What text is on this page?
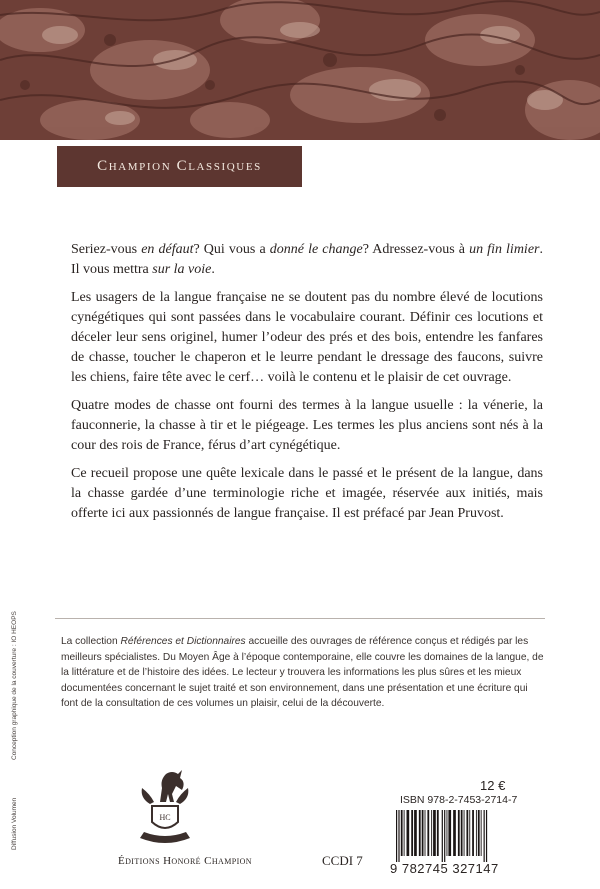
Champion Classiques

Seriez-vous en défaut? Qui vous a donné le change? Adressez-vous à un fin limier. Il vous mettra sur la voie.

Les usagers de la langue française ne se doutent pas du nombre élevé de locutions cynégétiques qui sont passées dans le vocabulaire courant. Définir ces locutions et déceler leur sens originel, humer l’odeur des prés et des bois, entendre les fanfares de chasse, toucher le chaperon et le leurre pendant le dressage des faucons, suivre les chiens, faire tête avec le cerf… voilà le contenu et le plaisir de cet ouvrage.

Quatre modes de chasse ont fourni des termes à la langue usuelle : la vénerie, la fauconnerie, la chasse à tir et le piégeage. Les termes les plus anciens sont nés à la cour des rois de France, férus d’art cynégétique.

Ce recueil propose une quête lexicale dans le passé et le présent de la langue, dans la chasse gardée d’une terminologie riche et imagée, réservée aux initiés, mais offerte ici aux passionnés de langue française. Il est préfacé par Jean Pruvost.

La collection Références et Dictionnaires accueille des ouvrages de référence conçus et rédigés par les meilleurs spécialistes. Du Moyen Âge à l’époque contemporaine, elle couvre les domaines de la langue, de la littérature et de l’histoire des idées. Le lecteur y trouvera les informations les plus sûres et les mieux documentées concernant le sujet traité et son environnement, dans une présentation et une écriture qui font de la consultation de ces volumes un plaisir, celui de la découverte.
Diffusion Volumen
Conception graphique de la couverture : IO HEOPS
HC
Éditions Honoré Champion	CCDI 7
12 €
ISBN 978-2-7453-2714-7
9 782745 327147
